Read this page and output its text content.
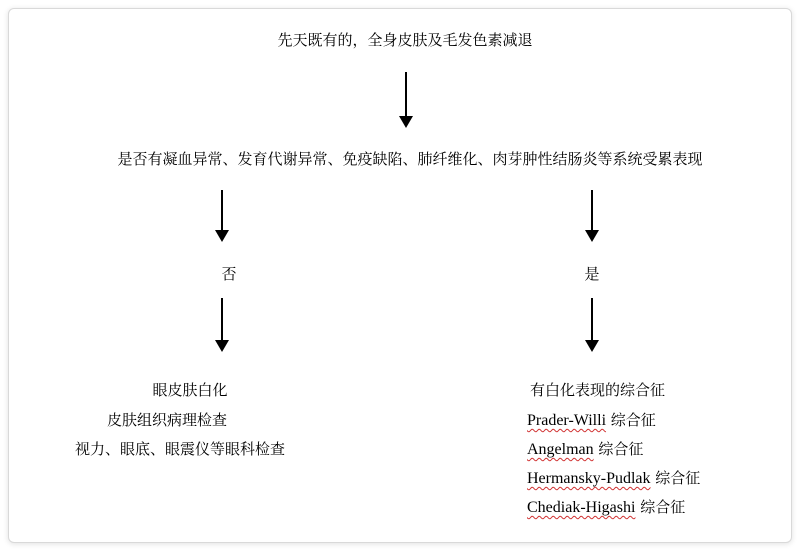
先天既有的，全身皮肤及毛发色素减退
是否有凝血异常、发育代谢异常、免疫缺陷、肺纤维化、肉芽肿性结肠炎等系统受累表现
否	是
眼皮肤白化
皮肤组织病理检查
视力、眼底、眼震仪等眼科检查
有白化表现的综合征
Prader-Willi 综合征
Angelman 综合征
Hermansky-Pudlak 综合征
Chediak-Higashi 综合征
